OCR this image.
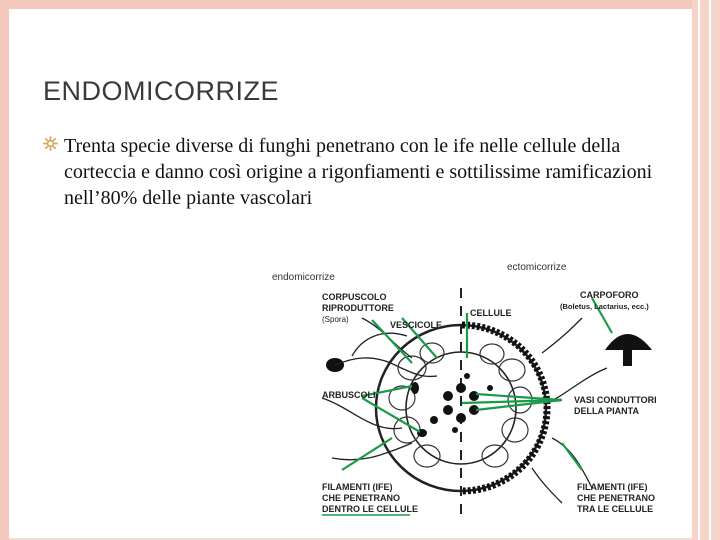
ENDOMICORRIZE
Trenta specie diverse di funghi penetrano con le ife nelle cellule della corteccia e danno così origine a rigonfiamenti e sottilissime ramificazioni nell’80% delle piante vascolari
endomicorrize
ectomicorrize
CORPUSCOLO
RIPRODUTTORE
(Spora)
VESCICOLE
CELLULE
CARPOFORO
(Boletus, Lactarius, ecc.)
ARBUSCOLI	VASI CONDUTTORI
DELLA PIANTA
FILAMENTI (IFE)
CHE PENETRANO
DENTRO LE CELLULE
FILAMENTI (IFE)
CHE PENETRANO
TRA LE CELLULE
